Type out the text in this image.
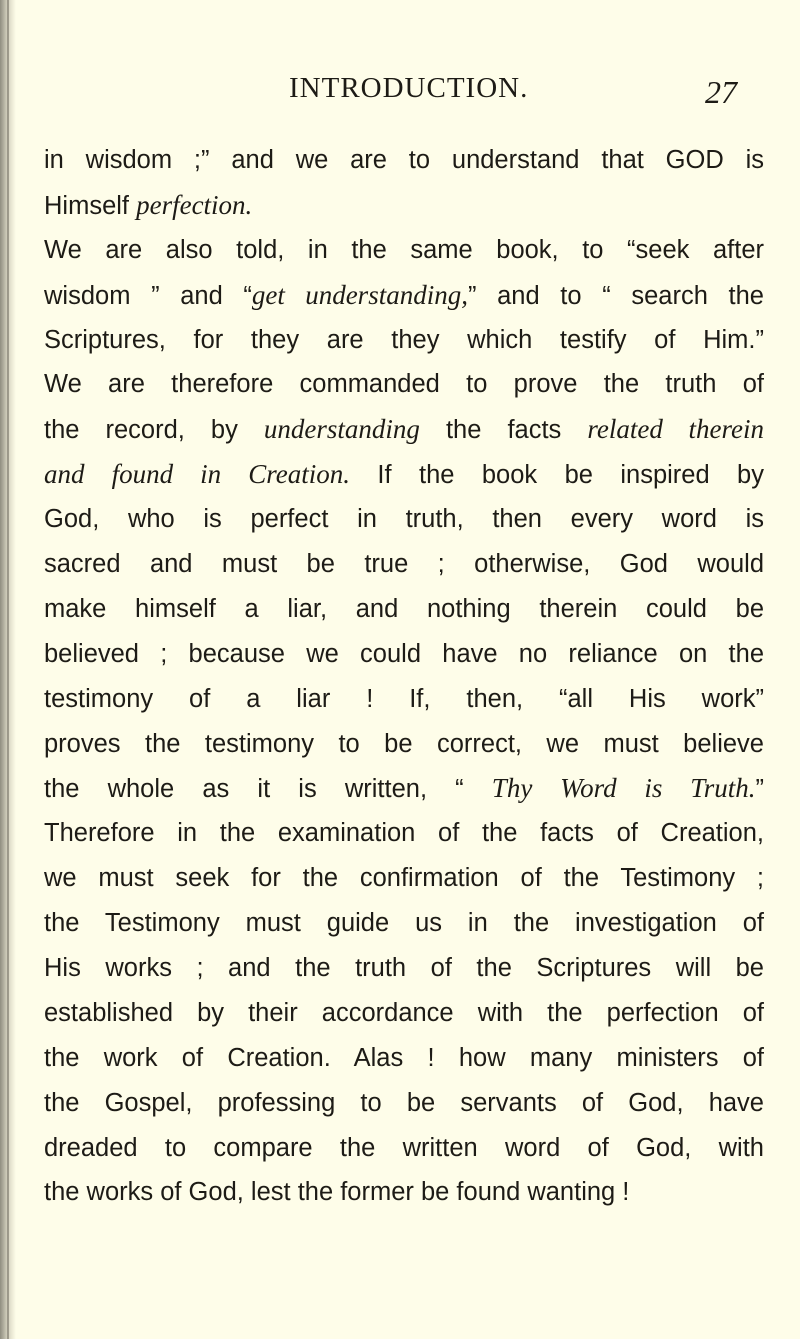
INTRODUCTION.	27
in wisdom ;” and we are to understand that GOD is
Himself perfection.
We are also told, in the same book, to “seek after
wisdom ” and “get understanding,” and to “ search the
Scriptures, for they are they which testify of Him.”
We are therefore commanded to prove the truth of
the record, by understanding the facts related therein
and found in Creation. If the book be inspired by
God, who is perfect in truth, then every word is
sacred and must be true ; otherwise, God would
make himself a liar, and nothing therein could be
believed ; because we could have no reliance on the
testimony of a liar ! If, then, “all His work”
proves the testimony to be correct, we must believe
the whole as it is written, “ Thy Word is Truth.”
Therefore in the examination of the facts of Creation,
we must seek for the confirmation of the Testimony ;
the Testimony must guide us in the investigation of
His works ; and the truth of the Scriptures will be
established by their accordance with the perfection of
the work of Creation. Alas ! how many ministers of
the Gospel, professing to be servants of God, have
dreaded to compare the written word of God, with
the works of God, lest the former be found wanting !
